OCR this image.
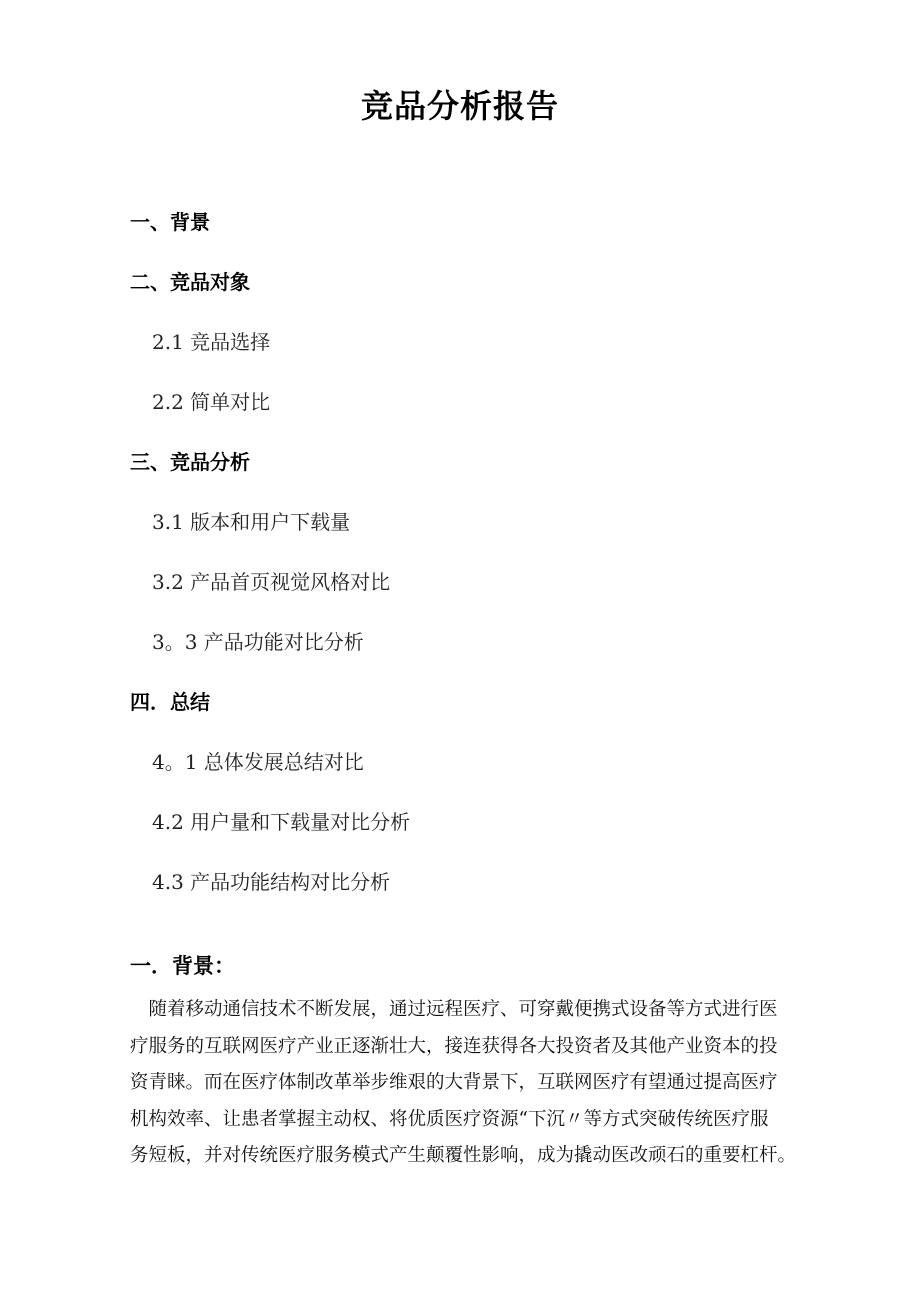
竞品分析报告
一、背景
二、竞品对象
2.1 竞品选择
2.2 简单对比
三、竞品分析
3.1 版本和用户下载量
3.2 产品首页视觉风格对比
3。3 产品功能对比分析
四．总结
4。1 总体发展总结对比
4.2 用户量和下载量对比分析
4.3 产品功能结构对比分析
一．背景：
　随着移动通信技术不断发展，通过远程医疗、可穿戴便携式设备等方式进行医
疗服务的互联网医疗产业正逐渐壮大，接连获得各大投资者及其他产业资本的投
资青睐。而在医疗体制改革举步维艰的大背景下，互联网医疗有望通过提高医疗
机构效率、让患者掌握主动权、将优质医疗资源“下沉〃等方式突破传统医疗服
务短板，并对传统医疗服务模式产生颠覆性影响，成为撬动医改顽石的重要杠杆。
